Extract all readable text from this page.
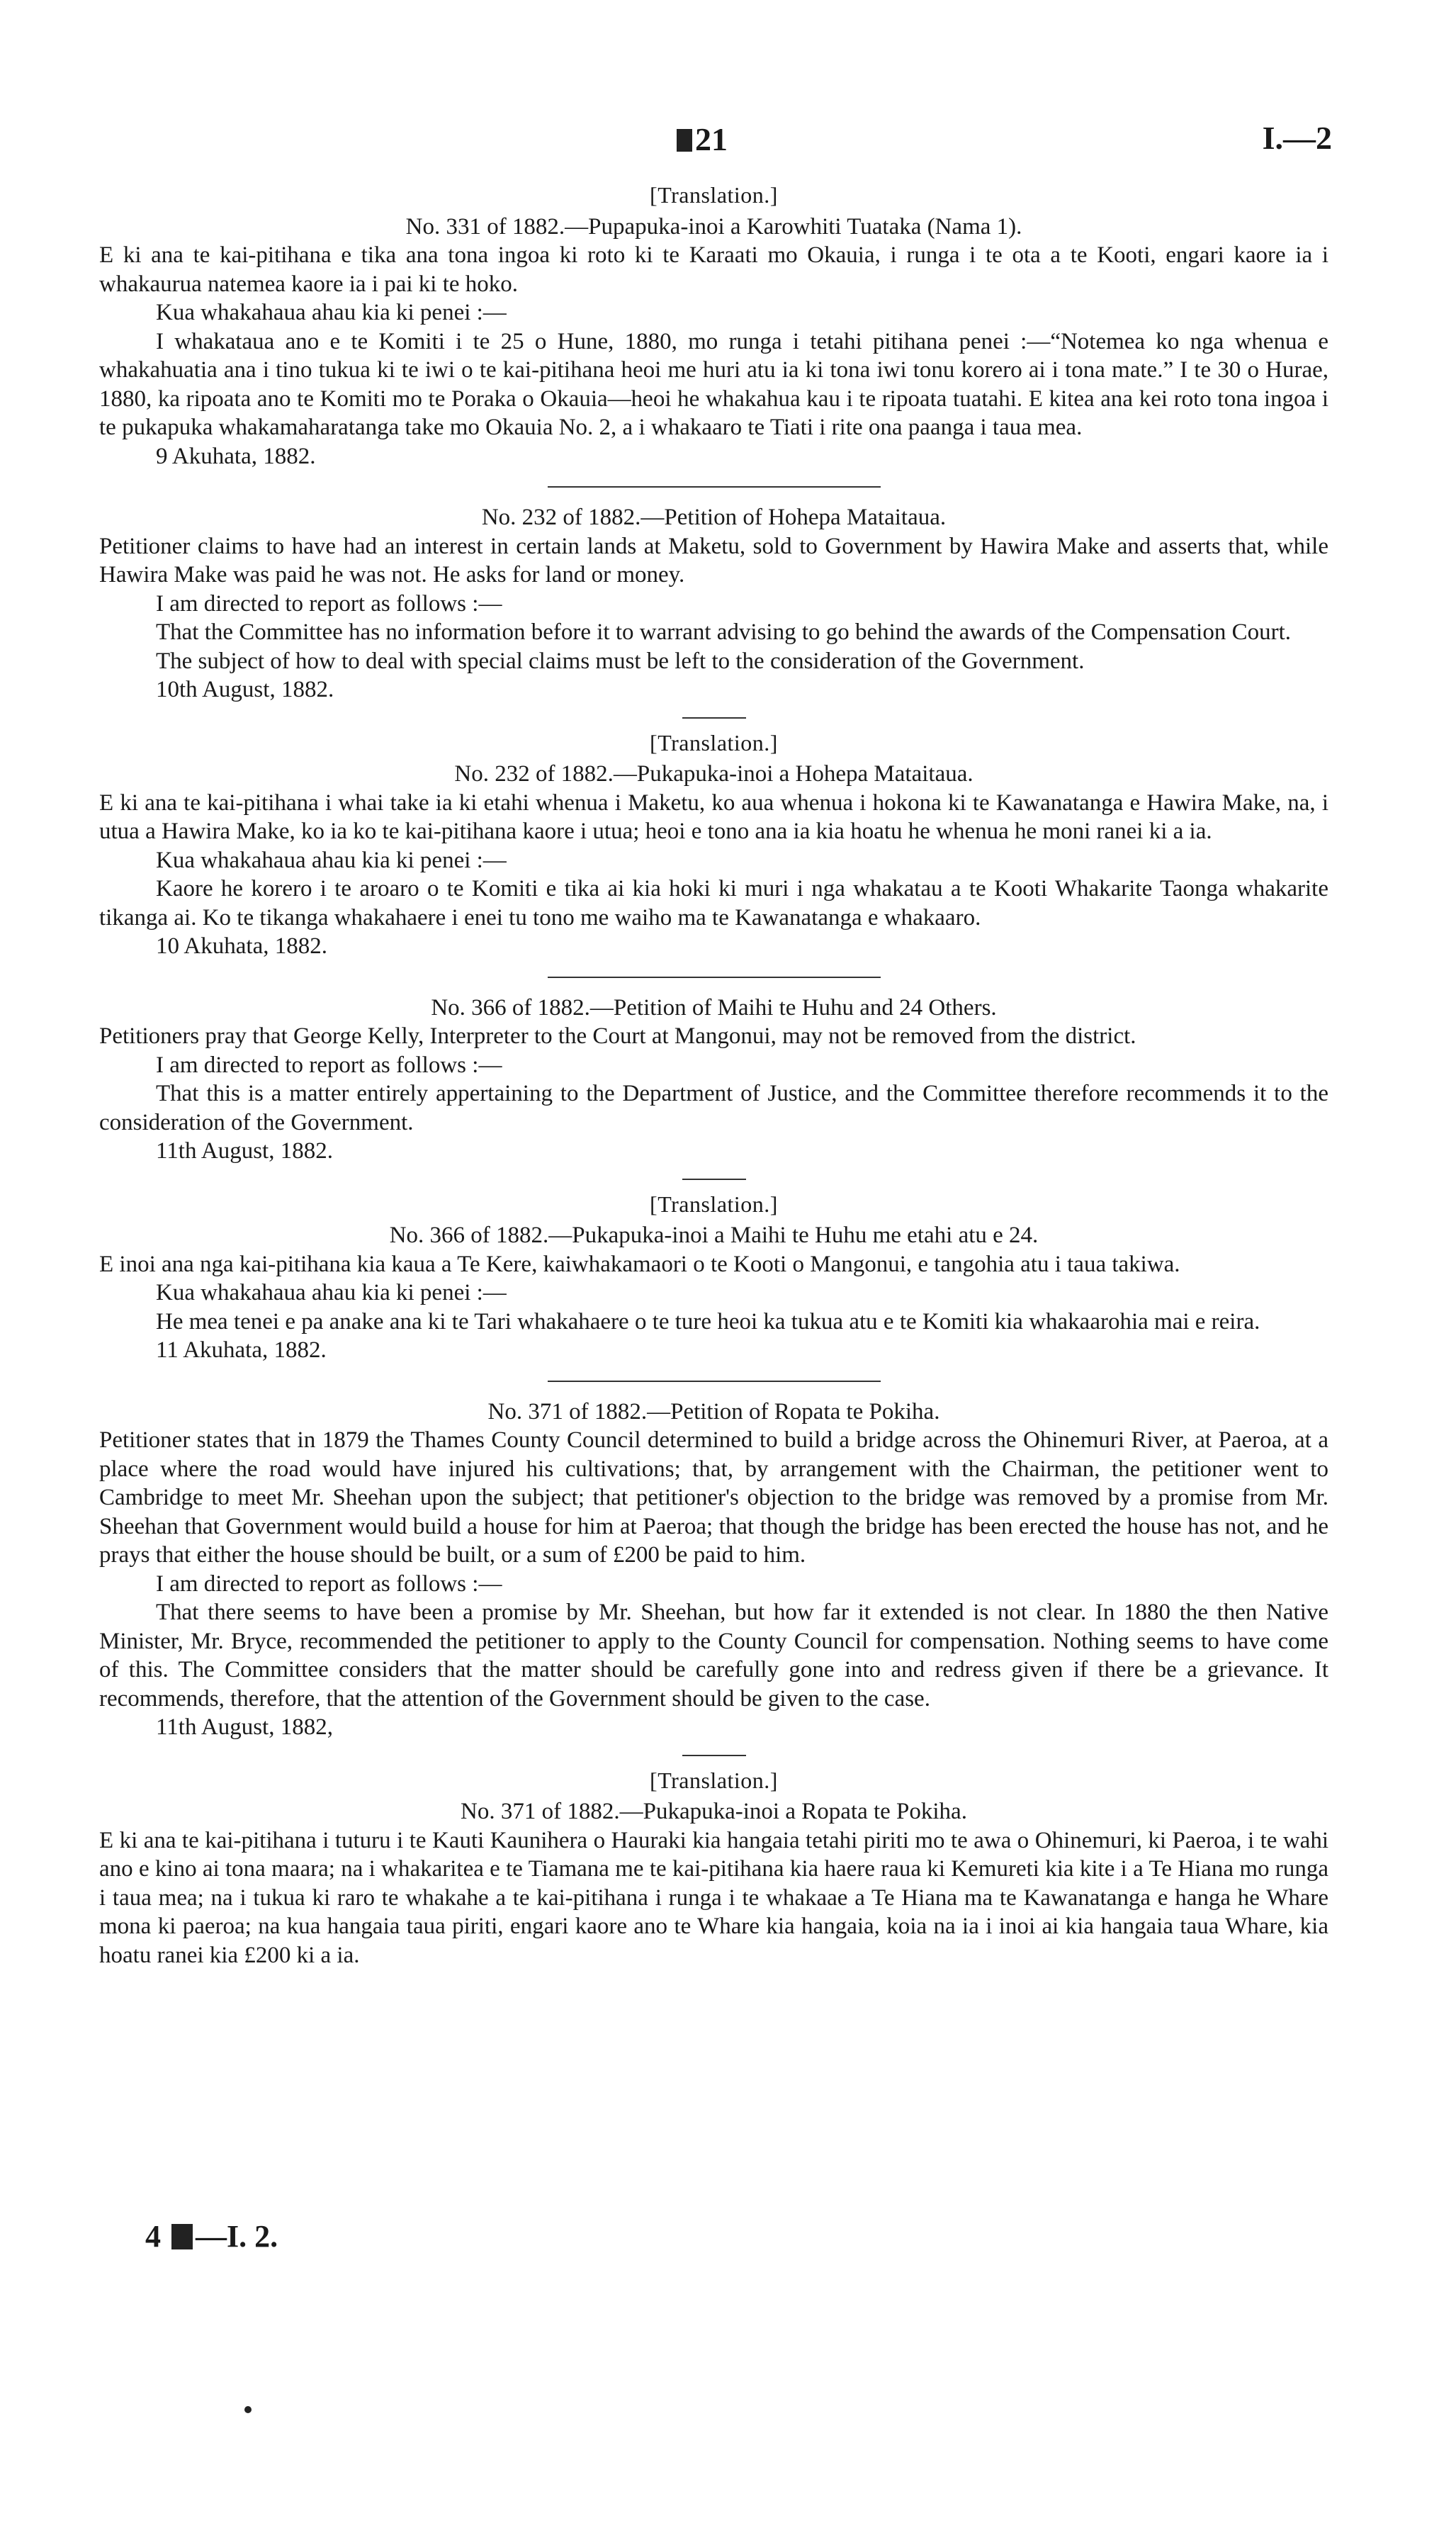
21	I.—2
[Translation.]
No. 331 of 1882.—Pupapuka-inoi a Karowhiti Tuataka (Nama 1).

E ki ana te kai-pitihana e tika ana tona ingoa ki roto ki te Karaati mo Okauia, i runga i te ota a te Kooti, engari kaore ia i whakaurua natemea kaore ia i pai ki te hoko.

Kua whakahaua ahau kia ki penei :—

I whakataua ano e te Komiti i te 25 o Hune, 1880, mo runga i tetahi pitihana penei :—“Notemea ko nga whenua e whakahuatia ana i tino tukua ki te iwi o te kai-pitihana heoi me huri atu ia ki tona iwi tonu korero ai i tona mate.” I te 30 o Hurae, 1880, ka ripoata ano te Komiti mo te Poraka o Okauia—heoi he whakahua kau i te ripoata tuatahi. E kitea ana kei roto tona ingoa i te pukapuka whakamaharatanga take mo Okauia No. 2, a i whakaaro te Tiati i rite ona paanga i taua mea.

9 Akuhata, 1882.

No. 232 of 1882.—Petition of Hohepa Mataitaua.

Petitioner claims to have had an interest in certain lands at Maketu, sold to Government by Hawira Make and asserts that, while Hawira Make was paid he was not. He asks for land or money.

I am directed to report as follows :—

That the Committee has no information before it to warrant advising to go behind the awards of the Compensation Court.

The subject of how to deal with special claims must be left to the consideration of the Government.

10th August, 1882.

[Translation.]
No. 232 of 1882.—Pukapuka-inoi a Hohepa Mataitaua.

E ki ana te kai-pitihana i whai take ia ki etahi whenua i Maketu, ko aua whenua i hokona ki te Kawanatanga e Hawira Make, na, i utua a Hawira Make, ko ia ko te kai-pitihana kaore i utua; heoi e tono ana ia kia hoatu he whenua he moni ranei ki a ia.

Kua whakahaua ahau kia ki penei :—

Kaore he korero i te aroaro o te Komiti e tika ai kia hoki ki muri i nga whakatau a te Kooti Whakarite Taonga whakarite tikanga ai. Ko te tikanga whakahaere i enei tu tono me waiho ma te Kawanatanga e whakaaro.

10 Akuhata, 1882.

No. 366 of 1882.—Petition of Maihi te Huhu and 24 Others.

Petitioners pray that George Kelly, Interpreter to the Court at Mangonui, may not be removed from the district.

I am directed to report as follows :—

That this is a matter entirely appertaining to the Department of Justice, and the Committee therefore recommends it to the consideration of the Government.

11th August, 1882.

[Translation.]
No. 366 of 1882.—Pukapuka-inoi a Maihi te Huhu me etahi atu e 24.

E inoi ana nga kai-pitihana kia kaua a Te Kere, kaiwhakamaori o te Kooti o Mangonui, e tangohia atu i taua takiwa.

Kua whakahaua ahau kia ki penei :—

He mea tenei e pa anake ana ki te Tari whakahaere o te ture heoi ka tukua atu e te Komiti kia whakaarohia mai e reira.

11 Akuhata, 1882.

No. 371 of 1882.—Petition of Ropata te Pokiha.

Petitioner states that in 1879 the Thames County Council determined to build a bridge across the Ohinemuri River, at Paeroa, at a place where the road would have injured his cultivations; that, by arrangement with the Chairman, the petitioner went to Cambridge to meet Mr. Sheehan upon the subject; that petitioner's objection to the bridge was removed by a promise from Mr. Sheehan that Government would build a house for him at Paeroa; that though the bridge has been erected the house has not, and he prays that either the house should be built, or a sum of £200 be paid to him.

I am directed to report as follows :—

That there seems to have been a promise by Mr. Sheehan, but how far it extended is not clear. In 1880 the then Native Minister, Mr. Bryce, recommended the petitioner to apply to the County Council for compensation. Nothing seems to have come of this. The Committee considers that the matter should be carefully gone into and redress given if there be a grievance. It recommends, therefore, that the attention of the Government should be given to the case.

11th August, 1882,

[Translation.]
No. 371 of 1882.—Pukapuka-inoi a Ropata te Pokiha.

E ki ana te kai-pitihana i tuturu i te Kauti Kaunihera o Hauraki kia hangaia tetahi piriti mo te awa o Ohinemuri, ki Paeroa, i te wahi ano e kino ai tona maara; na i whakaritea e te Tiamana me te kai-pitihana kia haere raua ki Kemureti kia kite i a Te Hiana mo runga i taua mea; na i tukua ki raro te whakahe a te kai-pitihana i runga i te whakaae a Te Hiana ma te Kawanatanga e hanga he Whare mona ki paeroa; na kua hangaia taua piriti, engari kaore ano te Whare kia hangaia, koia na ia i inoi ai kia hangaia taua Whare, kia hoatu ranei kia £200 ki a ia.

4 —I. 2.
